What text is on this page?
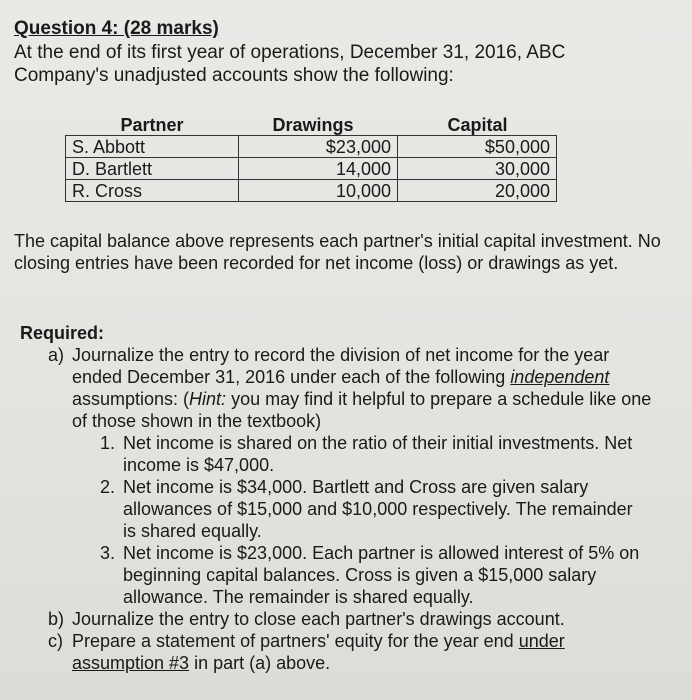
Question 4: (28 marks)
At the end of its first year of operations, December 31, 2016, ABC Company's unadjusted accounts show the following:
Partner	Drawings	Capital
S. Abbott	$23,000	$50,000
D. Bartlett	14,000	30,000
R. Cross	10,000	20,000
The capital balance above represents each partner's initial capital investment. No closing entries have been recorded for net income (loss) or drawings as yet.
Required:
a) Journalize the entry to record the division of net income for the year ended December 31, 2016 under each of the following independent assumptions: (Hint: you may find it helpful to prepare a schedule like one of those shown in the textbook)
1. Net income is shared on the ratio of their initial investments. Net income is $47,000.
2. Net income is $34,000. Bartlett and Cross are given salary allowances of $15,000 and $10,000 respectively. The remainder is shared equally.
3. Net income is $23,000. Each partner is allowed interest of 5% on beginning capital balances. Cross is given a $15,000 salary allowance. The remainder is shared equally.
b) Journalize the entry to close each partner's drawings account.
c) Prepare a statement of partners' equity for the year end under assumption #3 in part (a) above.
